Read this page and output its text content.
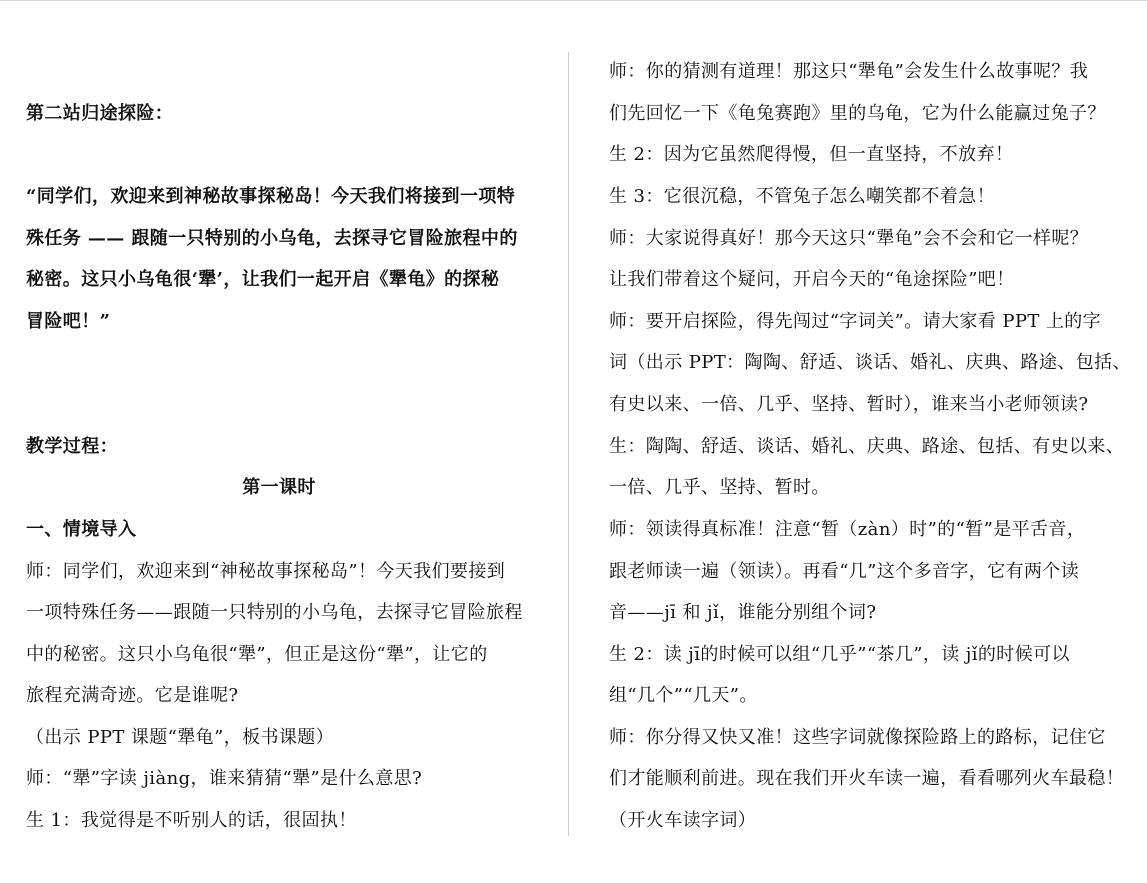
第二站归途探险：
“同学们，欢迎来到神秘故事探秘岛！今天我们将接到一项特
殊任务 —— 跟随一只特别的小乌龟，去探寻它冒险旅程中的
秘密。这只小乌龟很‘犟’，让我们一起开启《犟龟》的探秘
冒险吧！”
教学过程：
第一课时
一、情境导入
师：同学们，欢迎来到“神秘故事探秘岛”！今天我们要接到
一项特殊任务——跟随一只特别的小乌龟，去探寻它冒险旅程
中的秘密。这只小乌龟很“犟”，但正是这份“犟”，让它的
旅程充满奇迹。它是谁呢?
（出示 PPT 课题“犟龟”，板书课题）
师：“犟”字读 jiàng，谁来猜猜“犟”是什么意思?
生 1：我觉得是不听别人的话，很固执！
师：你的猜测有道理！那这只“犟龟”会发生什么故事呢？我
们先回忆一下《龟兔赛跑》里的乌龟，它为什么能赢过兔子？
生 2：因为它虽然爬得慢，但一直坚持，不放弃！
生 3：它很沉稳，不管兔子怎么嘲笑都不着急！
师：大家说得真好！那今天这只“犟龟”会不会和它一样呢？
让我们带着这个疑问，开启今天的“龟途探险”吧！
师：要开启探险，得先闯过“字词关”。请大家看 PPT 上的字
词（出示 PPT：陶陶、舒适、谈话、婚礼、庆典、路途、包括、
有史以来、一倍、几乎、坚持、暂时），谁来当小老师领读?
生：陶陶、舒适、谈话、婚礼、庆典、路途、包括、有史以来、
一倍、几乎、坚持、暂时。
师：领读得真标准！注意“暂（zàn）时”的“暂”是平舌音，
跟老师读一遍（领读）。再看“几”这个多音字，它有两个读
音——jī 和 jǐ，谁能分别组个词?
生 2：读 jī的时候可以组“几乎”“茶几”，读 jǐ的时候可以
组“几个”“几天”。
师：你分得又快又准！这些字词就像探险路上的路标，记住它
们才能顺利前进。现在我们开火车读一遍，看看哪列火车最稳！
（开火车读字词）
